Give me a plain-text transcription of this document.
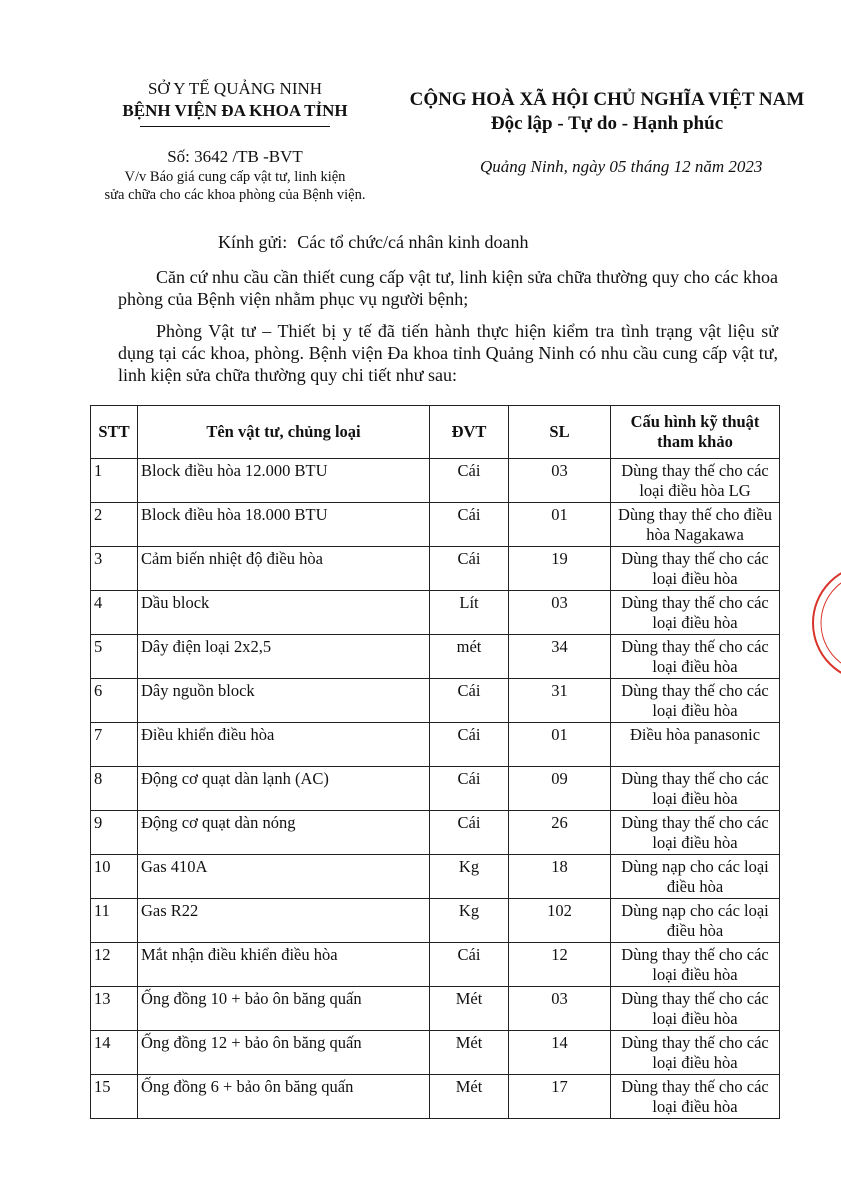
SỞ Y TẾ QUẢNG NINH
BỆNH VIỆN ĐA KHOA TỈNH
Số: 3642 /TB -BVT
V/v Báo giá cung cấp vật tư, linh kiện
sửa chữa cho các khoa phòng của Bệnh viện.
CỘNG HOÀ XÃ HỘI CHỦ NGHĨA VIỆT NAM
Độc lập - Tự do - Hạnh phúc
Quảng Ninh, ngày 05 tháng 12 năm 2023
Kính gửi: Các tổ chức/cá nhân kinh doanh
Căn cứ nhu cầu cần thiết cung cấp vật tư, linh kiện sửa chữa thường quy cho các khoa phòng của Bệnh viện nhằm phục vụ người bệnh;
Phòng Vật tư – Thiết bị y tế đã tiến hành thực hiện kiểm tra tình trạng vật liệu sử dụng tại các khoa, phòng. Bệnh viện Đa khoa tỉnh Quảng Ninh có nhu cầu cung cấp vật tư, linh kiện sửa chữa thường quy chi tiết như sau:
STT	Tên vật tư, chủng loại	ĐVT	SL	Cấu hình kỹ thuật tham khảo
1	Block điều hòa 12.000 BTU	Cái	03	Dùng thay thế cho các loại điều hòa LG
2	Block điều hòa 18.000 BTU	Cái	01	Dùng thay thế cho điều hòa Nagakawa
3	Cảm biến nhiệt độ điều hòa	Cái	19	Dùng thay thế cho các loại điều hòa
4	Dầu block	Lít	03	Dùng thay thế cho các loại điều hòa
5	Dây điện loại 2x2,5	mét	34	Dùng thay thế cho các loại điều hòa
6	Dây nguồn block	Cái	31	Dùng thay thế cho các loại điều hòa
7	Điều khiển điều hòa	Cái	01	Điều hòa panasonic
8	Động cơ quạt dàn lạnh (AC)	Cái	09	Dùng thay thế cho các loại điều hòa
9	Động cơ quạt dàn nóng	Cái	26	Dùng thay thế cho các loại điều hòa
10	Gas 410A	Kg	18	Dùng nạp cho các loại điều hòa
11	Gas R22	Kg	102	Dùng nạp cho các loại điều hòa
12	Mắt nhận điều khiển điều hòa	Cái	12	Dùng thay thế cho các loại điều hòa
13	Ống đồng 10 + bảo ôn băng quấn	Mét	03	Dùng thay thế cho các loại điều hòa
14	Ống đồng 12 + bảo ôn băng quấn	Mét	14	Dùng thay thế cho các loại điều hòa
15	Ống đồng 6 + bảo ôn băng quấn	Mét	17	Dùng thay thế cho các loại điều hòa
